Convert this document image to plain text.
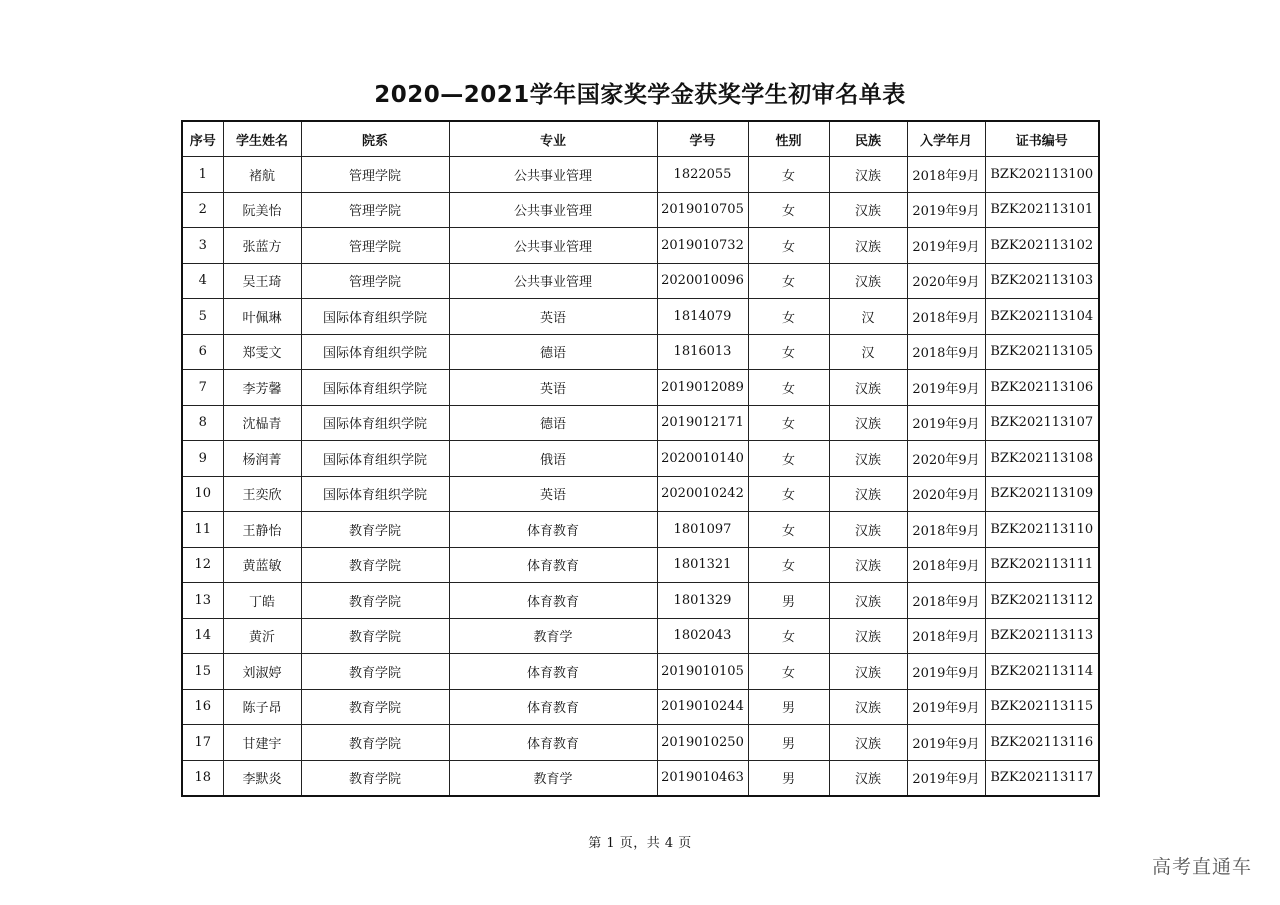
2020—2021学年国家奖学金获奖学生初审名单表
序号	学生姓名	院系	专业	学号	性别	民族	入学年月	证书编号
1	褚航	管理学院	公共事业管理	1822055	女	汉族	2018年9月	BZK202113100
2	阮美怡	管理学院	公共事业管理	2019010705	女	汉族	2019年9月	BZK202113101
3	张蓝方	管理学院	公共事业管理	2019010732	女	汉族	2019年9月	BZK202113102
4	吴王琦	管理学院	公共事业管理	2020010096	女	汉族	2020年9月	BZK202113103
5	叶佩琳	国际体育组织学院	英语	1814079	女	汉	2018年9月	BZK202113104
6	郑雯文	国际体育组织学院	德语	1816013	女	汉	2018年9月	BZK202113105
7	李芳馨	国际体育组织学院	英语	2019012089	女	汉族	2019年9月	BZK202113106
8	沈榀青	国际体育组织学院	德语	2019012171	女	汉族	2019年9月	BZK202113107
9	杨润菁	国际体育组织学院	俄语	2020010140	女	汉族	2020年9月	BZK202113108
10	王奕欣	国际体育组织学院	英语	2020010242	女	汉族	2020年9月	BZK202113109
11	王静怡	教育学院	体育教育	1801097	女	汉族	2018年9月	BZK202113110
12	黄蓝敏	教育学院	体育教育	1801321	女	汉族	2018年9月	BZK202113111
13	丁皓	教育学院	体育教育	1801329	男	汉族	2018年9月	BZK202113112
14	黄沂	教育学院	教育学	1802043	女	汉族	2018年9月	BZK202113113
15	刘淑婷	教育学院	体育教育	2019010105	女	汉族	2019年9月	BZK202113114
16	陈子昂	教育学院	体育教育	2019010244	男	汉族	2019年9月	BZK202113115
17	甘建宇	教育学院	体育教育	2019010250	男	汉族	2019年9月	BZK202113116
18	李默炎	教育学院	教育学	2019010463	男	汉族	2019年9月	BZK202113117
第 1 页，共 4 页
高考直通车
